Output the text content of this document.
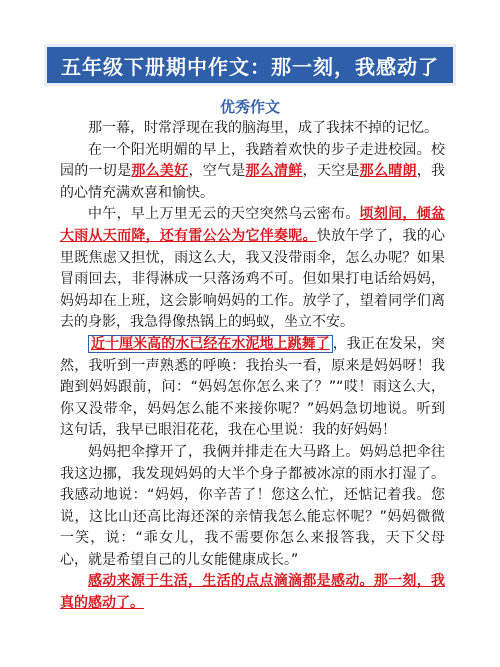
五年级下册期中作文：那一刻，我感动了
优秀作文

那一幕，时常浮现在我的脑海里，成了我抹不掉的记忆。

在一个阳光明媚的早上，我踏着欢快的步子走进校园。校园的一切是那么美好，空气是那么清鲜，天空是那么晴朗，我的心情充满欢喜和愉快。

中午，早上万里无云的天空突然乌云密布。顷刻间，倾盆大雨从天而降，还有雷公公为它伴奏呢。快放午学了，我的心里既焦虑又担忧，雨这么大，我又没带雨伞，怎么办呢？如果冒雨回去，非得淋成一只落汤鸡不可。但如果打电话给妈妈，妈妈却在上班，这会影响妈妈的工作。放学了，望着同学们离去的身影，我急得像热锅上的蚂蚁，坐立不安。

近十厘米高的水已经在水泥地上跳舞了 ，我正在发呆，突然，我听到一声熟悉的呼唤：我抬头一看，原来是妈妈呀！我跑到妈妈跟前，问：“妈妈怎你怎么来了？”“哎！雨这么大，你又没带伞，妈妈怎么能不来接你呢？”妈妈急切地说。听到这句话，我早已眼泪花花，我在心里说：我的好妈妈！

妈妈把伞撑开了，我俩并排走在大马路上。妈妈总把伞往我这边挪，我发现妈妈的大半个身子都被冰凉的雨水打湿了。我感动地说：“妈妈，你辛苦了！您这么忙，还惦记着我。您说，这比山还高比海还深的亲情我怎么能忘怀呢？”妈妈微微一笑，说：“乖女儿，我不需要你怎么来报答我，天下父母心，就是希望自己的儿女能健康成长。”

感动来源于生活，生活的点点滴滴都是感动。那一刻，我真的感动了。
